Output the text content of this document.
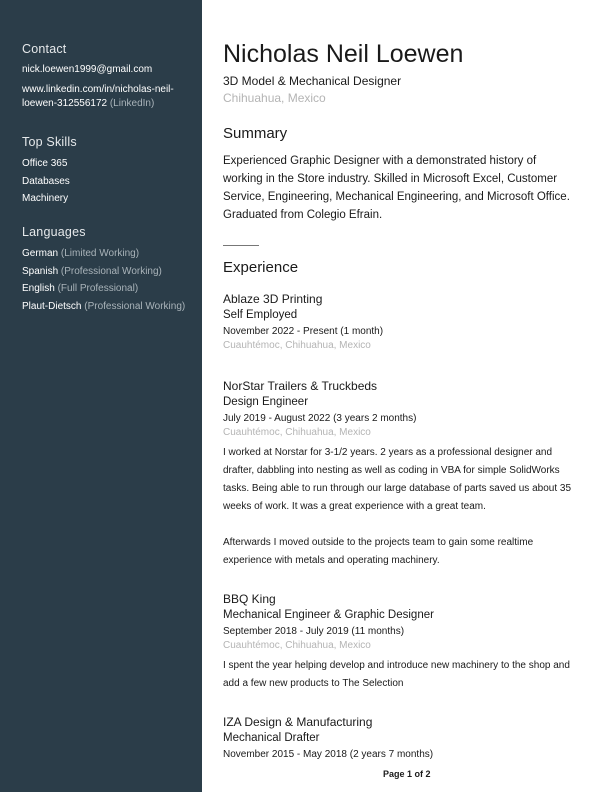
Contact
nick.loewen1999@gmail.com
www.linkedin.com/in/nicholas-neil-
loewen-312556172 (LinkedIn)
Top Skills
Office 365
Databases
Machinery
Languages
German (Limited Working)
Spanish (Professional Working)
English (Full Professional)
Plaut-Dietsch (Professional Working)
Nicholas Neil Loewen
3D Model & Mechanical Designer
Chihuahua, Mexico
Summary
Experienced Graphic Designer with a demonstrated history of
working in the Store industry. Skilled in Microsoft Excel, Customer
Service, Engineering, Mechanical Engineering, and Microsoft Office.
Graduated from Colegio Efrain.
Experience
Ablaze 3D Printing
Self Employed
November 2022 - Present (1 month)
Cuauhtémoc, Chihuahua, Mexico
NorStar Trailers & Truckbeds
Design Engineer
July 2019 - August 2022 (3 years 2 months)
Cuauhtémoc, Chihuahua, Mexico

I worked at Norstar for 3-1/2 years. 2 years as a professional designer and
drafter, dabbling into nesting as well as coding in VBA for simple SolidWorks
tasks. Being able to run through our large database of parts saved us about 35
weeks of work. It was a great experience with a great team.

Afterwards I moved outside to the projects team to gain some realtime
experience with metals and operating machinery.

BBQ King
Mechanical Engineer & Graphic Designer
September 2018 - July 2019 (11 months)
Cuauhtémoc, Chihuahua, Mexico

I spent the year helping develop and introduce new machinery to the shop and
add a few new products to The Selection

IZA Design & Manufacturing
Mechanical Drafter
November 2015 - May 2018 (2 years 7 months)
Page 1 of 2
